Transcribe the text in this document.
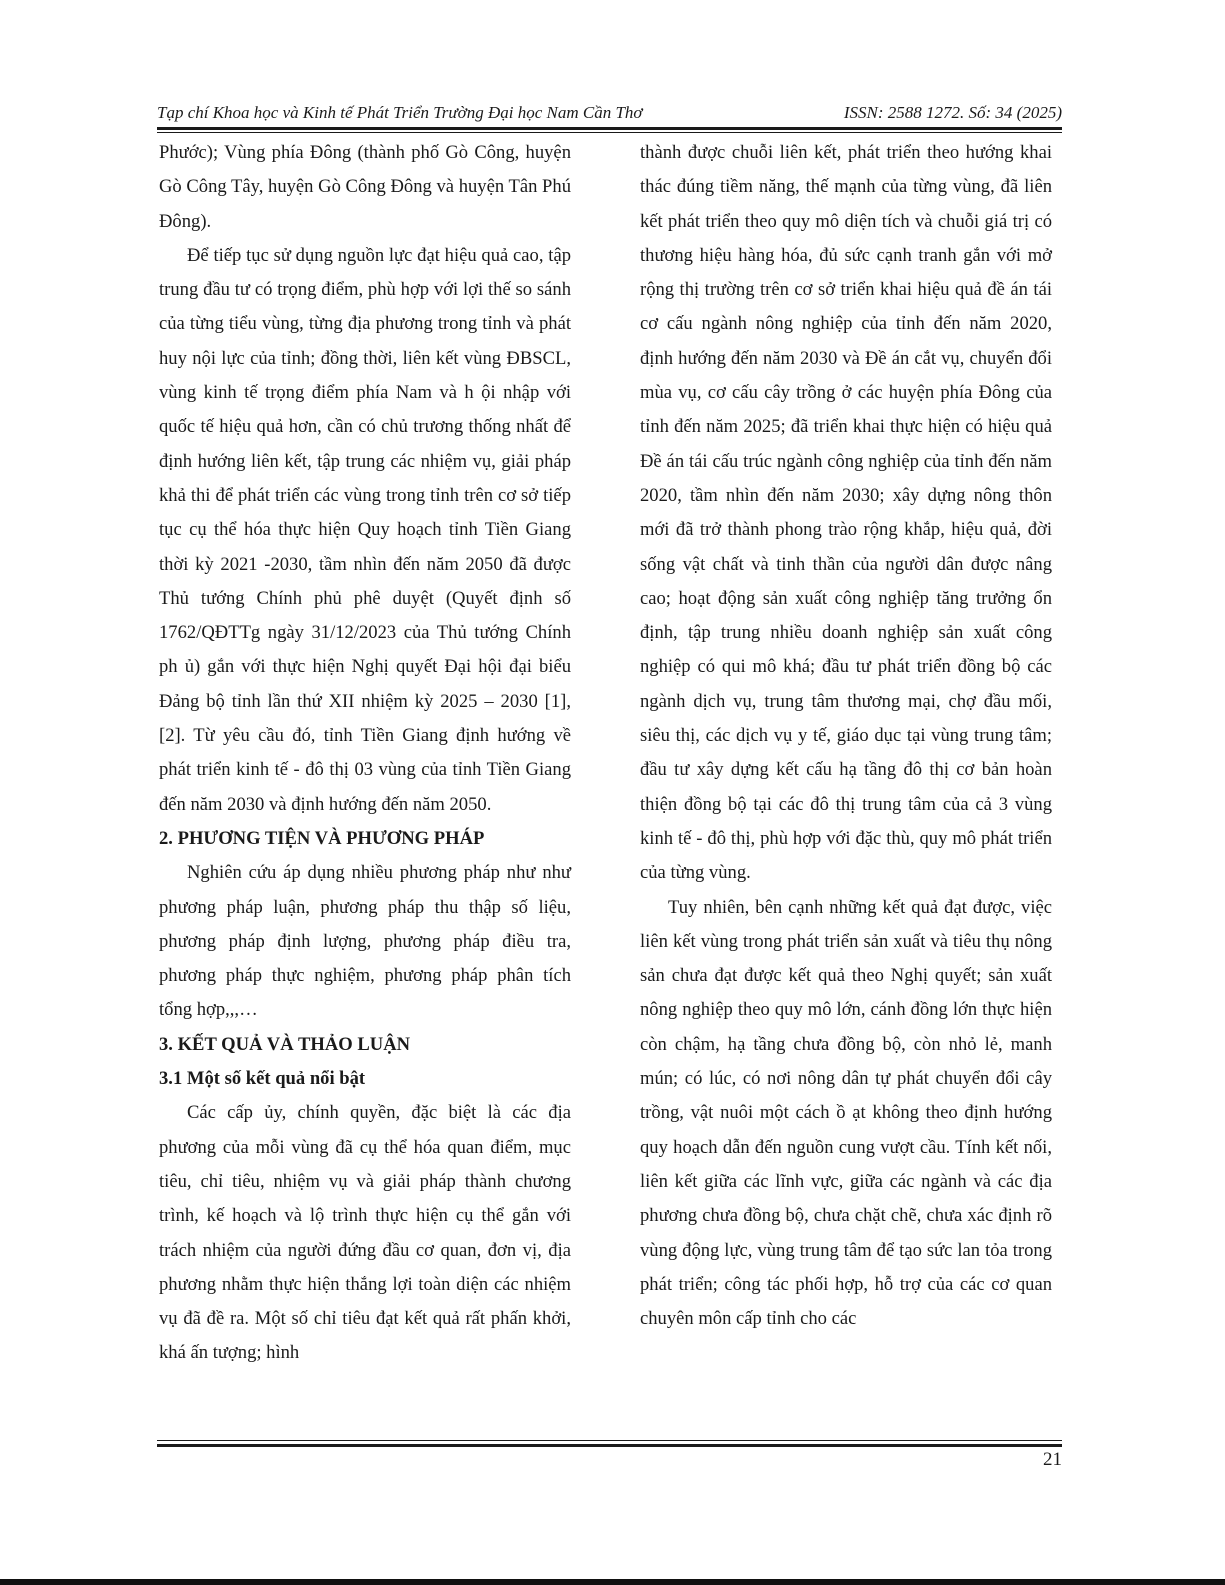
Tạp chí Khoa học và Kinh tế Phát Triển Trường Đại học Nam Cần Thơ	ISSN: 2588 1272. Số: 34 (2025)

Phước); Vùng phía Đông (thành phố Gò Công, huyện Gò Công Tây, huyện Gò Công Đông và huyện Tân Phú Đông).

Để tiếp tục sử dụng nguồn lực đạt hiệu quả cao, tập trung đầu tư có trọng điểm, phù hợp với lợi thế so sánh của từng tiểu vùng, từng địa phương trong tỉnh và phát huy nội lực của tỉnh; đồng thời, liên kết vùng ĐBSCL, vùng kinh tế trọng điểm phía Nam và h ội nhập với quốc tế hiệu quả hơn, cần có chủ trương thống nhất để định hướng liên kết, tập trung các nhiệm vụ, giải pháp khả thi để phát triển các vùng trong tỉnh trên cơ sở tiếp tục cụ thể hóa thực hiện Quy hoạch tỉnh Tiền Giang thời kỳ 2021 -2030, tầm nhìn đến năm 2050 đã được Thủ tướng Chính phủ phê duyệt (Quyết định số 1762/QĐTTg ngày 31/12/2023 của Thủ tướng Chính ph ủ) gắn với thực hiện Nghị quyết Đại hội đại biểu Đảng bộ tỉnh lần thứ XII nhiệm kỳ 2025 – 2030 [1],[2]. Từ yêu cầu đó, tỉnh Tiền Giang định hướng về phát triển kinh tế - đô thị 03 vùng của tỉnh Tiền Giang đến năm 2030 và định hướng đến năm 2050.

2. PHƯƠNG TIỆN VÀ PHƯƠNG PHÁP

Nghiên cứu áp dụng nhiều phương pháp như như phương pháp luận, phương pháp thu thập số liệu, phương pháp định lượng, phương pháp điều tra, phương pháp thực nghiệm, phương pháp phân tích tổng hợp,,,…

3. KẾT QUẢ VÀ THẢO LUẬN
3.1 Một số kết quả nổi bật

Các cấp ủy, chính quyền, đặc biệt là các địa phương của mỗi vùng đã cụ thể hóa quan điểm, mục tiêu, chỉ tiêu, nhiệm vụ và giải pháp thành chương trình, kế hoạch và lộ trình thực hiện cụ thể gắn với trách nhiệm của người đứng đầu cơ quan, đơn vị, địa phương nhằm thực hiện thắng lợi toàn diện các nhiệm vụ đã đề ra. Một số chỉ tiêu đạt kết quả rất phấn khởi, khá ấn tượng; hình

thành được chuỗi liên kết, phát triển theo hướng khai thác đúng tiềm năng, thế mạnh của từng vùng, đã liên kết phát triển theo quy mô diện tích và chuỗi giá trị có thương hiệu hàng hóa, đủ sức cạnh tranh gắn với mở rộng thị trường trên cơ sở triển khai hiệu quả đề án tái cơ cấu ngành nông nghiệp của tỉnh đến năm 2020, định hướng đến năm 2030 và Đề án cắt vụ, chuyển đổi mùa vụ, cơ cấu cây trồng ở các huyện phía Đông của tỉnh đến năm 2025; đã triển khai thực hiện có hiệu quả Đề án tái cấu trúc ngành công nghiệp của tỉnh đến năm 2020, tầm nhìn đến năm 2030; xây dựng nông thôn mới đã trở thành phong trào rộng khắp, hiệu quả, đời sống vật chất và tinh thần của người dân được nâng cao; hoạt động sản xuất công nghiệp tăng trưởng ổn định, tập trung nhiều doanh nghiệp sản xuất công nghiệp có qui mô khá; đầu tư phát triển đồng bộ các ngành dịch vụ, trung tâm thương mại, chợ đầu mối, siêu thị, các dịch vụ y tế, giáo dục tại vùng trung tâm; đầu tư xây dựng kết cấu hạ tầng đô thị cơ bản hoàn thiện đồng bộ tại các đô thị trung tâm của cả 3 vùng kinh tế - đô thị, phù hợp với đặc thù, quy mô phát triển của từng vùng.

Tuy nhiên, bên cạnh những kết quả đạt được, việc liên kết vùng trong phát triển sản xuất và tiêu thụ nông sản chưa đạt được kết quả theo Nghị quyết; sản xuất nông nghiệp theo quy mô lớn, cánh đồng lớn thực hiện còn chậm, hạ tầng chưa đồng bộ, còn nhỏ lẻ, manh mún; có lúc, có nơi nông dân tự phát chuyển đổi cây trồng, vật nuôi một cách ồ ạt không theo định hướng quy hoạch dẫn đến nguồn cung vượt cầu. Tính kết nối, liên kết giữa các lĩnh vực, giữa các ngành và các địa phương chưa đồng bộ, chưa chặt chẽ, chưa xác định rõ vùng động lực, vùng trung tâm để tạo sức lan tỏa trong phát triển; công tác phối hợp, hỗ trợ của các cơ quan chuyên môn cấp tỉnh cho các

21
